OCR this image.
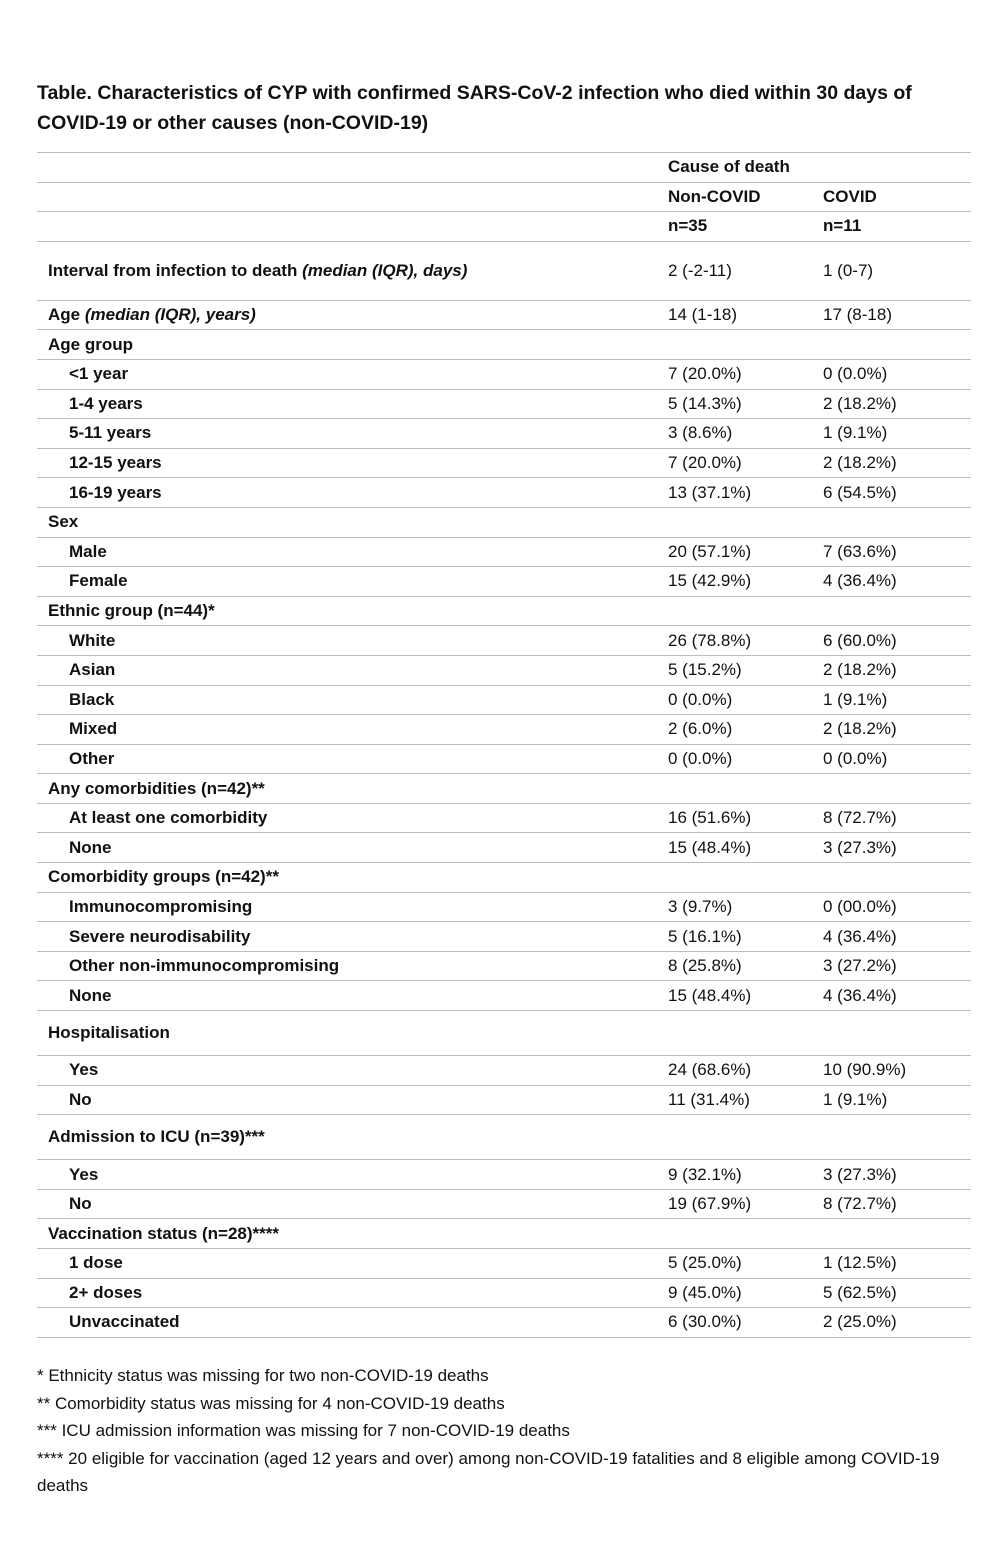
Table. Characteristics of CYP with confirmed SARS-CoV-2 infection who died within 30 days of COVID-19 or other causes (non-COVID-19)
	Cause of death	
	Non-COVID	COVID
	n=35	n=11
Interval from infection to death (median (IQR), days)	2 (-2-11)	1 (0-7)
Age (median (IQR), years)	14 (1-18)	17 (8-18)
Age group		
<1 year	7 (20.0%)	0 (0.0%)
1-4 years	5 (14.3%)	2 (18.2%)
5-11 years	3 (8.6%)	1 (9.1%)
12-15 years	7 (20.0%)	2 (18.2%)
16-19 years	13 (37.1%)	6 (54.5%)
Sex		
Male	20 (57.1%)	7 (63.6%)
Female	15 (42.9%)	4 (36.4%)
Ethnic group (n=44)*		
White	26 (78.8%)	6 (60.0%)
Asian	5 (15.2%)	2 (18.2%)
Black	0 (0.0%)	1 (9.1%)
Mixed	2 (6.0%)	2 (18.2%)
Other	0 (0.0%)	0 (0.0%)
Any comorbidities (n=42)**		
At least one comorbidity	16 (51.6%)	8 (72.7%)
None	15 (48.4%)	3 (27.3%)
Comorbidity groups (n=42)**		
Immunocompromising	3 (9.7%)	0 (00.0%)
Severe neurodisability	5 (16.1%)	4 (36.4%)
Other non-immunocompromising	8 (25.8%)	3 (27.2%)
None	15 (48.4%)	4 (36.4%)
Hospitalisation		
Yes	24 (68.6%)	10 (90.9%)
No	11 (31.4%)	1 (9.1%)
Admission to ICU (n=39)***		
Yes	9 (32.1%)	3 (27.3%)
No	19 (67.9%)	8 (72.7%)
Vaccination status (n=28)****		
1 dose	5 (25.0%)	1 (12.5%)
2+ doses	9 (45.0%)	5 (62.5%)
Unvaccinated	6 (30.0%)	2 (25.0%)

* Ethnicity status was missing for two non-COVID-19 deaths

** Comorbidity status was missing for 4 non-COVID-19 deaths

*** ICU admission information was missing for 7 non-COVID-19 deaths

**** 20 eligible for vaccination (aged 12 years and over) among non-COVID-19 fatalities and 8 eligible among COVID-19 deaths
